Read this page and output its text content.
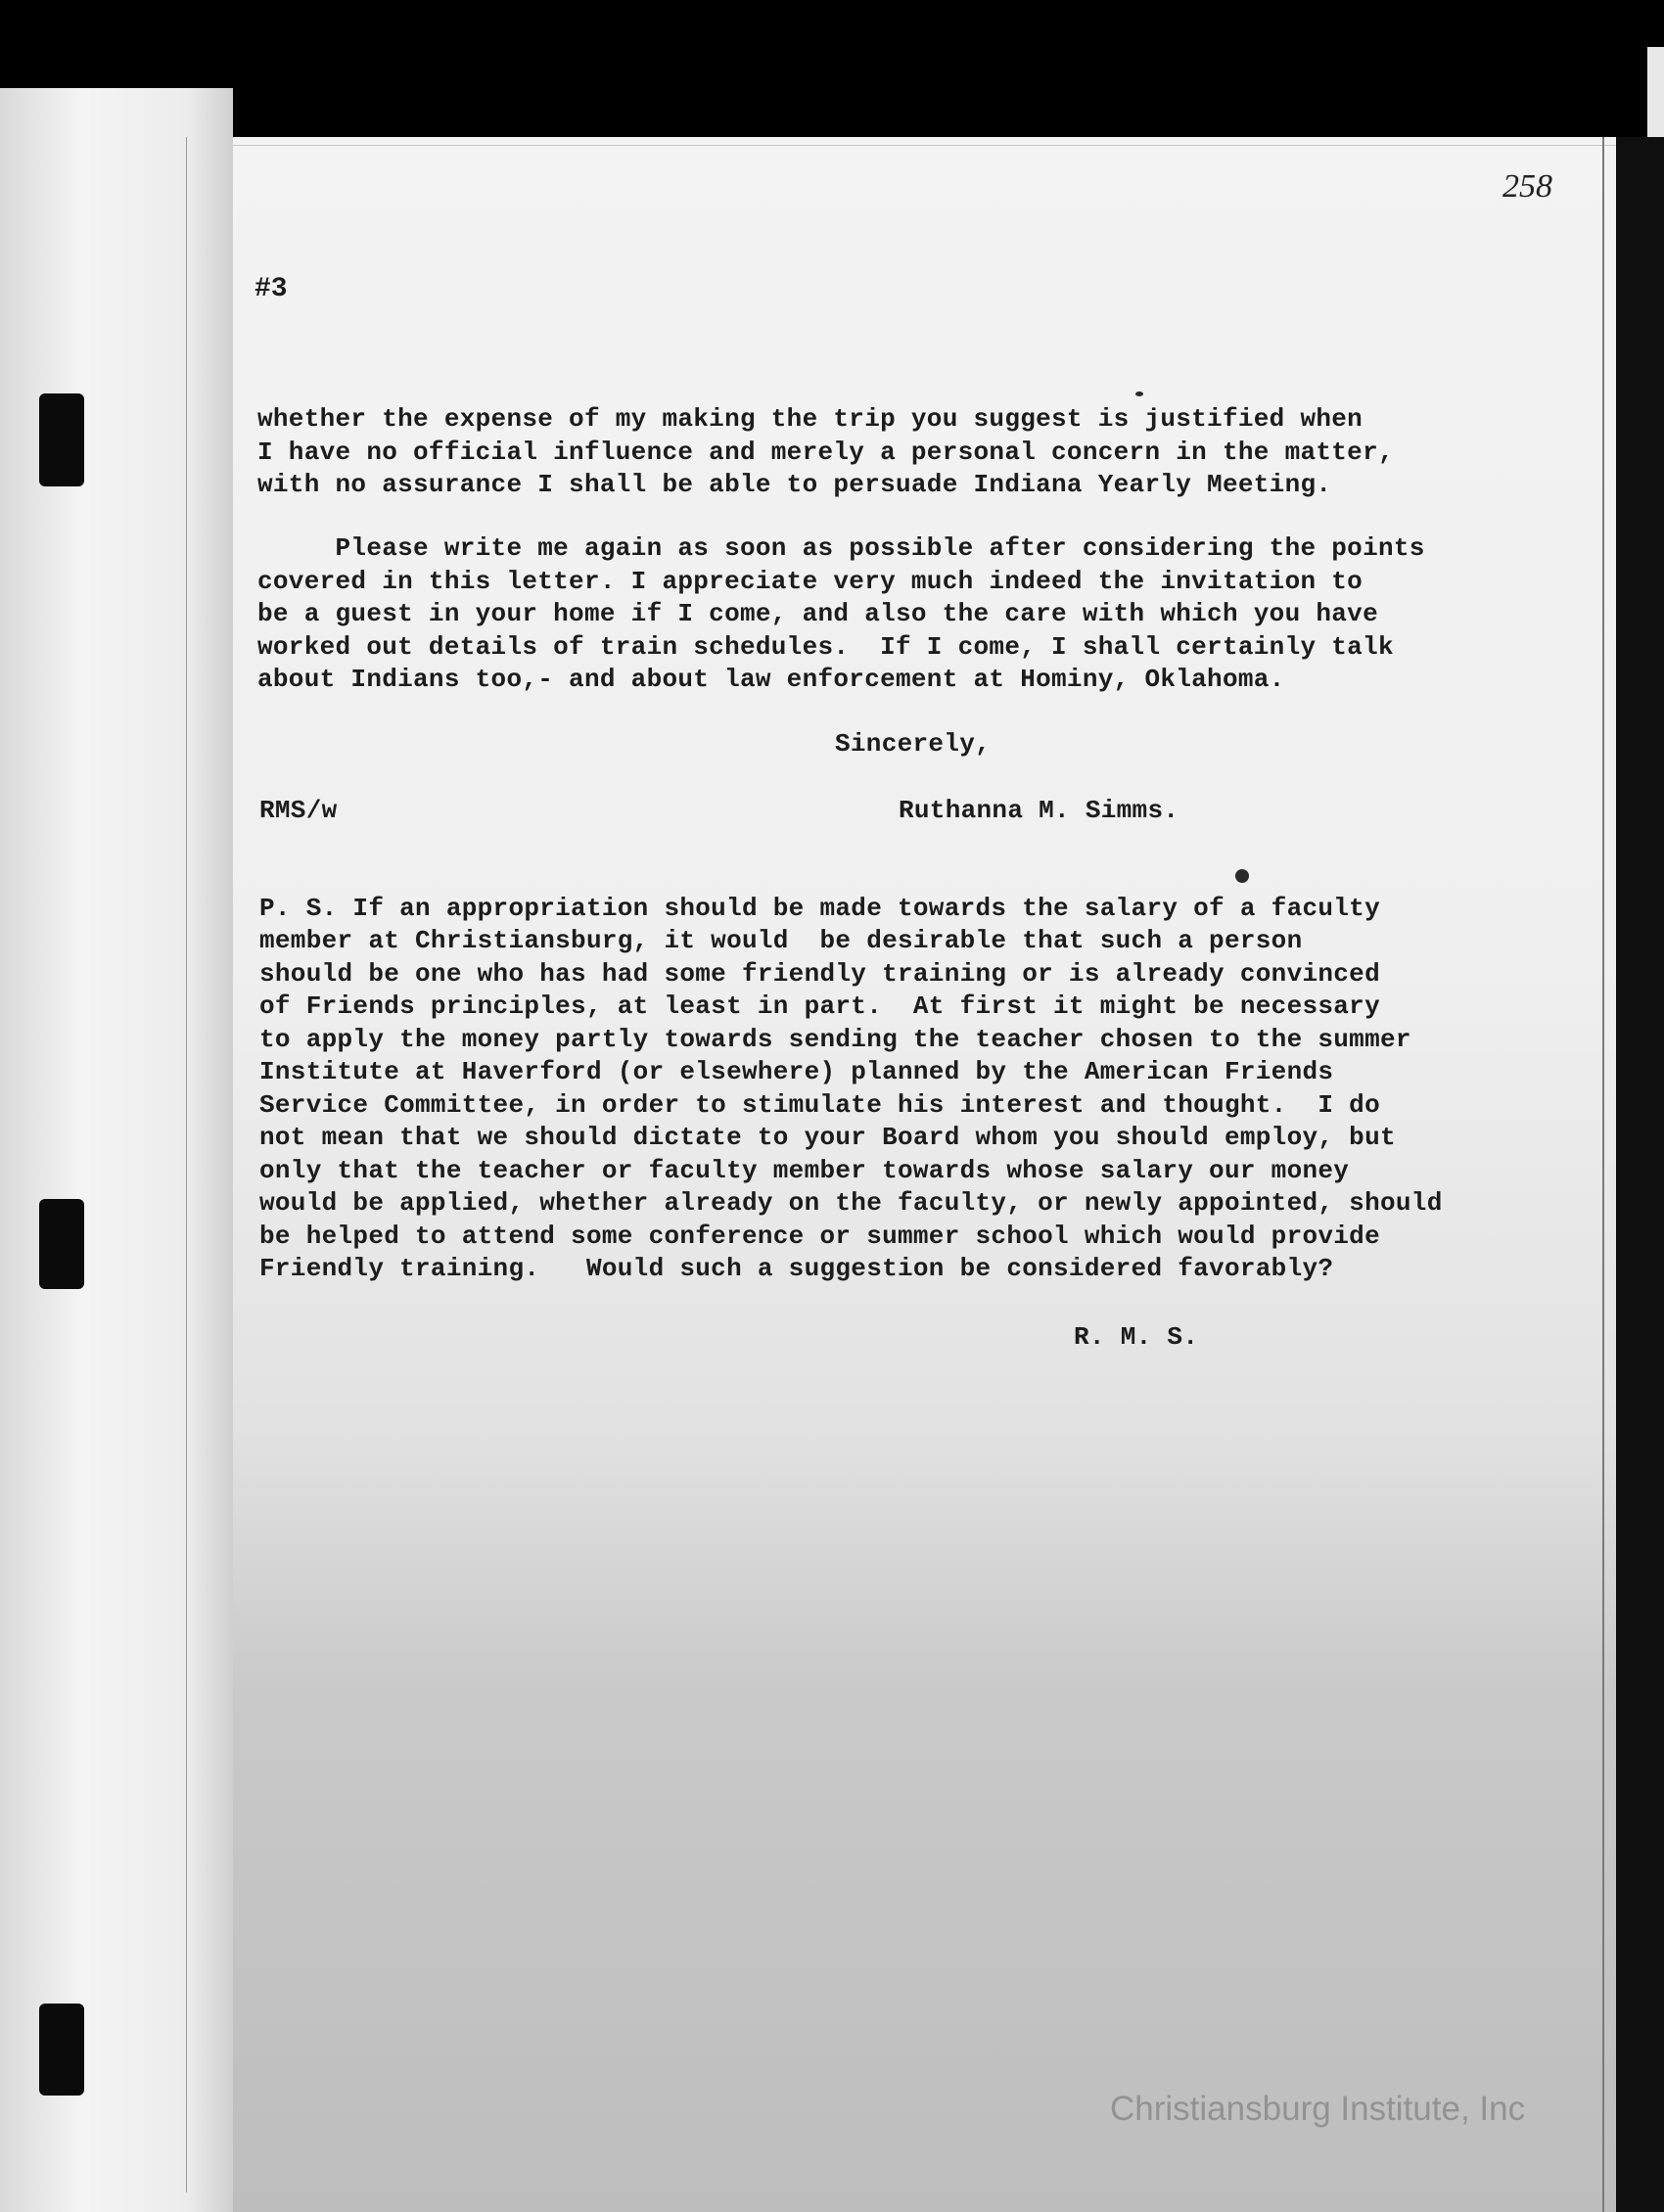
258
#3

whether the expense of my making the trip you suggest is justified when

I have no official influence and merely a personal concern in the matter,

with no assurance I shall be able to persuade Indiana Yearly Meeting.

Please write me again as soon as possible after considering the points

covered in this letter. I appreciate very much indeed the invitation to

be a guest in your home if I come, and also the care with which you have

worked out details of train schedules.  If I come, I shall certainly talk

about Indians too,- and about law enforcement at Hominy, Oklahoma.

Sincerely,

RMS/w	Ruthanna M. Simms.

P. S. If an appropriation should be made towards the salary of a faculty

member at Christiansburg, it would  be desirable that such a person

should be one who has had some friendly training or is already convinced

of Friends principles, at least in part.  At first it might be necessary

to apply the money partly towards sending the teacher chosen to the summer

Institute at Haverford (or elsewhere) planned by the American Friends

Service Committee, in order to stimulate his interest and thought.  I do

not mean that we should dictate to your Board whom you should employ, but

only that the teacher or faculty member towards whose salary our money

would be applied, whether already on the faculty, or newly appointed, should

be helped to attend some conference or summer school which would provide

Friendly training.   Would such a suggestion be considered favorably?

R. M. S.

Christiansburg Institute, Inc
